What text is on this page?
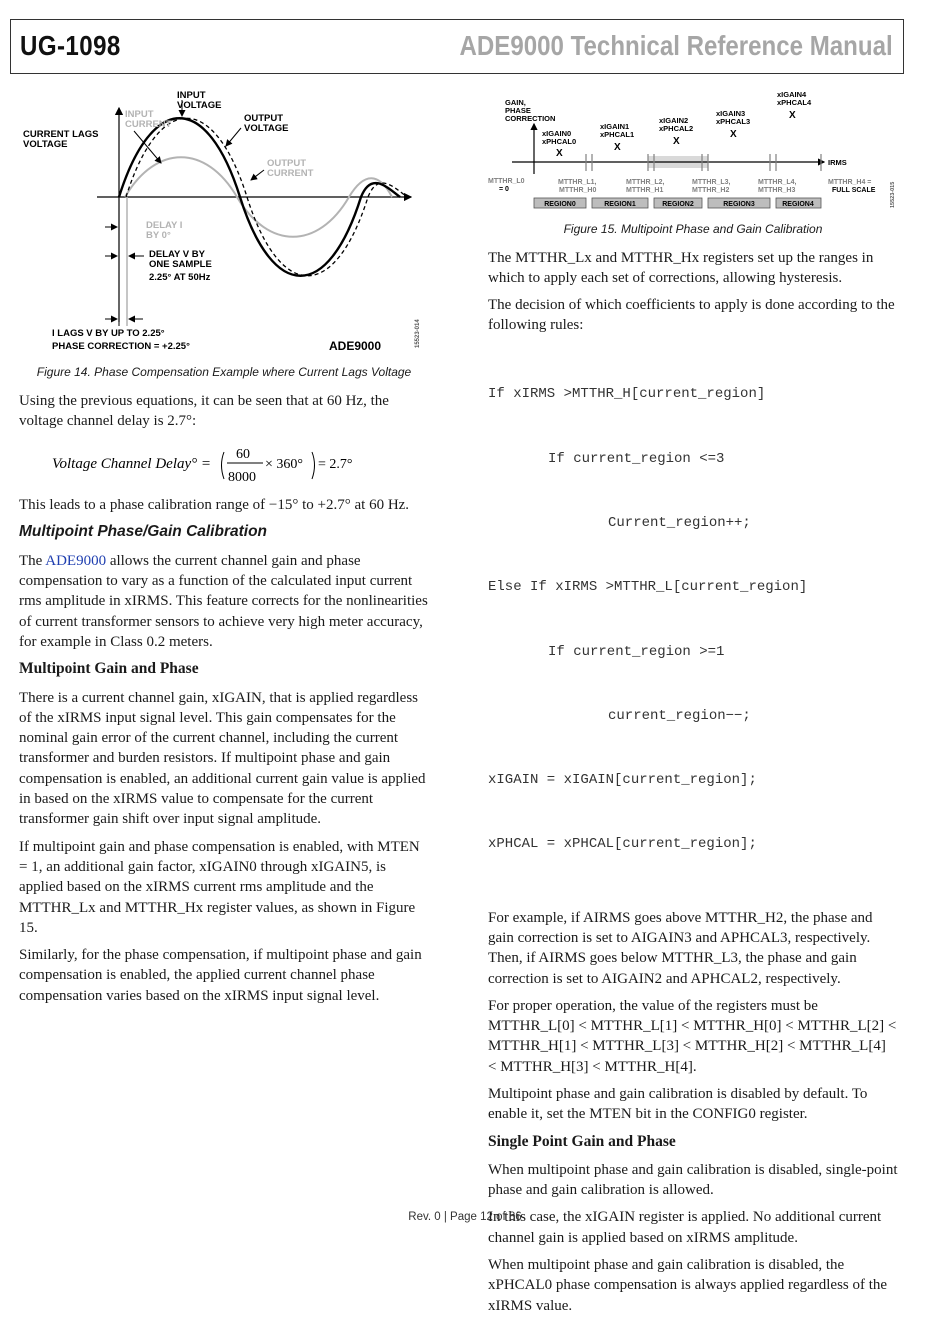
UG-1098	ADE9000 Technical Reference Manual
INPUT VOLTAGE
INPUT CURRENT
OUTPUT VOLTAGE
CURRENT LAGS VOLTAGE
OUTPUT CURRENT
DELAY I BY 0°
DELAY V BY ONE SAMPLE 2.25° AT 50Hz
I LAGS V BY UP TO 2.25° PHASE CORRECTION = +2.25°	ADE9000	15523-014
Figure 14. Phase Compensation Example where Current Lags Voltage

Using the previous equations, it can be seen that at 60 Hz, the voltage channel delay is 2.7°:

Voltage Channel Delay° =
60
8000
× 360° = 2.7°

This leads to a phase calibration range of −15° to +2.7° at 60 Hz.

Multipoint Phase/Gain Calibration

The ADE9000 allows the current channel gain and phase compensation to vary as a function of the calculated input current rms amplitude in xIRMS. This feature corrects for the nonlinearities of current transformer sensors to achieve very high meter accuracy, for example in Class 0.2 meters.

Multipoint Gain and Phase

There is a current channel gain, xIGAIN, that is applied regardless of the xIRMS input signal level. This gain compensates for the nominal gain error of the current channel, including the current transformer and burden resistors. If multipoint phase and gain compensation is enabled, an additional current gain value is applied in based on the xIRMS value to compensate for the current transformer gain shift over input signal amplitude.

If multipoint gain and phase compensation is enabled, with MTEN = 1, an additional gain factor, xIGAIN0 through xIGAIN5, is applied based on the xIRMS current rms amplitude and the MTTHR_Lx and MTTHR_Hx register values, as shown in Figure 15.

Similarly, for the phase compensation, if multipoint phase and gain compensation is enabled, the applied current channel phase compensation varies based on the xIRMS input signal level.

GAIN, PHASE CORRECTION
xIGAIN0 xPHCAL0 X
xIGAIN1 xPHCAL1 X
xIGAIN2 xPHCAL2 X
xIGAIN3 xPHCAL3 X
xIGAIN4 xPHCAL4 X
IRMS
MTTHR_L0 = 0
MTTHR_L1, MTTHR_H0
MTTHR_L2, MTTHR_H1
MTTHR_L3, MTTHR_H2
MTTHR_L4, MTTHR_H3
MTTHR_H4 = FULL SCALE
REGION0	REGION1	REGION2	REGION3	REGION4	15523-015
Figure 15. Multipoint Phase and Gain Calibration

The MTTHR_Lx and MTTHR_Hx registers set up the ranges in which to apply each set of corrections, allowing hysteresis.

The decision of which coefficients to apply is done according to the following rules:

If xIRMS >MTTHR_H[current_region]

If current_region <=3

Current_region++;

Else If xIRMS >MTTHR_L[current_region]

If current_region >=1

current_region−−;

xIGAIN = xIGAIN[current_region];

xPHCAL = xPHCAL[current_region];

For example, if AIRMS goes above MTTHR_H2, the phase and gain correction is set to AIGAIN3 and APHCAL3, respectively. Then, if AIRMS goes below MTTHR_L3, the phase and gain correction is set to AIGAIN2 and APHCAL2, respectively.

For proper operation, the value of the registers must be MTTHR_L[0] < MTTHR_L[1] < MTTHR_H[0] < MTTHR_L[2] < MTTHR_H[1] < MTTHR_L[3] < MTTHR_H[2] < MTTHR_L[4] < MTTHR_H[3] < MTTHR_H[4].

Multipoint phase and gain calibration is disabled by default. To enable it, set the MTEN bit in the CONFIG0 register.

Single Point Gain and Phase

When multipoint phase and gain calibration is disabled, single-point phase and gain calibration is allowed.

In this case, the xIGAIN register is applied. No additional current channel gain is applied based on xIRMS amplitude.

When multipoint phase and gain calibration is disabled, the xPHCAL0 phase compensation is always applied regardless of the xIRMS value.

Rev. 0 | Page 12 of 86
